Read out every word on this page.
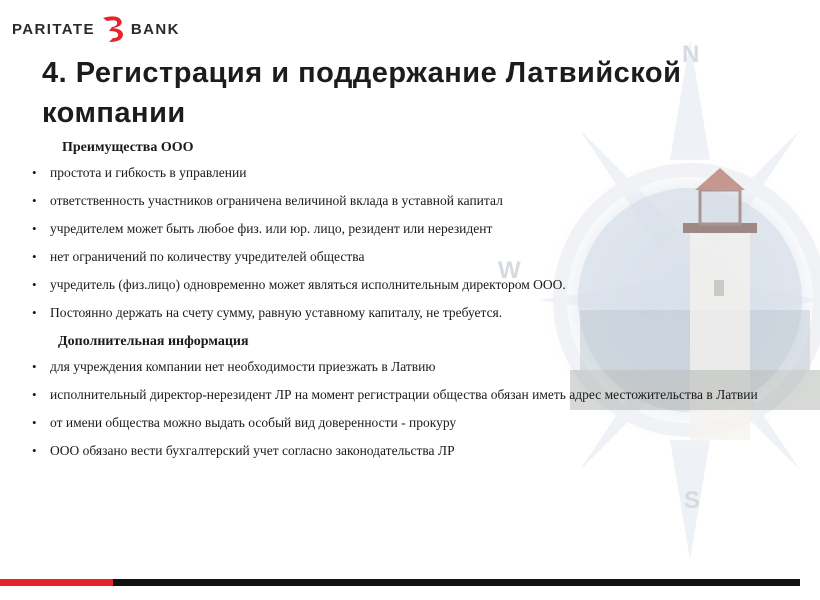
N
W
S
PARITATE BANK
4. Регистрация и поддержание Латвийской компании
Преимущества ООО
• простота и гибкость в управлении
• ответственность участников ограничена величиной вклада в уставной капитал
• учредителем может быть любое физ. или юр. лицо, резидент или нерезидент
• нет ограничений по количеству учредителей общества
• учредитель (физ.лицо) одновременно может являться исполнительным директором ООО.
• Постоянно держать на счету сумму, равную уставному капиталу, не требуется.
Дополнительная информация
• для учреждения компании нет необходимости приезжать в Латвию
• исполнительный директор-нерезидент ЛР на момент регистрации общества обязан иметь адрес местожительства в Латвии
• от имени общества можно выдать особый вид доверенности - прокуру
• ООО обязано вести бухгалтерский учет согласно законодательства ЛР
